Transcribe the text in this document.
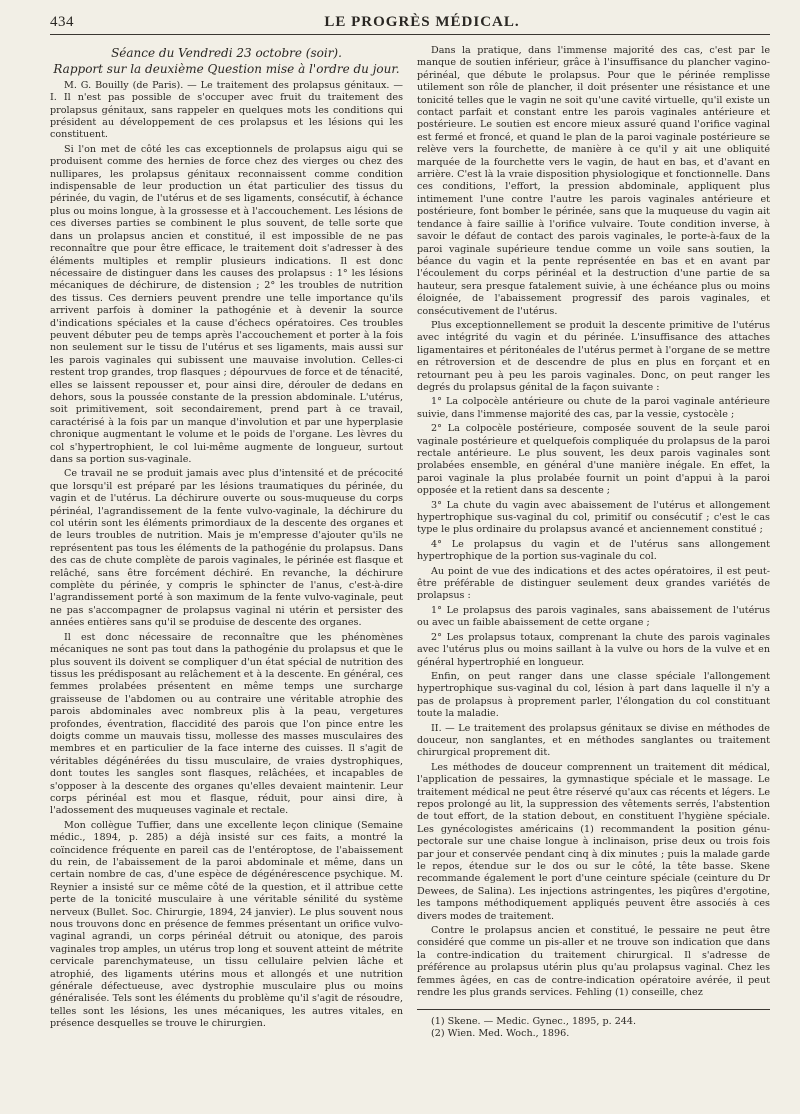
434	LE PROGRÈS MÉDICAL.
Séance du Vendredi 23 octobre (soir).
Rapport sur la deuxième Question mise à l'ordre du jour.

M. G. Bouilly (de Paris). — Le traitement des prolapsus génitaux. — I. Il n'est pas possible de s'occuper avec fruit du traitement des prolapsus génitaux, sans rappeler en quelques mots les conditions qui président au développement de ces prolapsus et les lésions qui les constituent.

Si l'on met de côté les cas exceptionnels de prolapsus aigu qui se produisent comme des hernies de force chez des vierges ou chez des nullipares, les prolapsus génitaux reconnaissent comme condition indispensable de leur production un état particulier des tissus du périnée, du vagin, de l'utérus et de ses ligaments, consécutif, à échance plus ou moins longue, à la grossesse et à l'accouchement. Les lésions de ces diverses parties se combinent le plus souvent, de telle sorte que dans un prolapsus ancien et constitué, il est impossible de ne pas reconnaître que pour être efficace, le traitement doit s'adresser à des éléments multiples et remplir plusieurs indications. Il est donc nécessaire de distinguer dans les causes des prolapsus : 1° les lésions mécaniques de déchirure, de distension ; 2° les troubles de nutrition des tissus. Ces derniers peuvent prendre une telle importance qu'ils arrivent parfois à dominer la pathogénie et à devenir la source d'indications spéciales et la cause d'échecs opératoires. Ces troubles peuvent débuter peu de temps après l'accouchement et porter à la fois non seulement sur le tissu de l'utérus et ses ligaments, mais aussi sur les parois vaginales qui subissent une mauvaise involution. Celles-ci restent trop grandes, trop flasques ; dépourvues de force et de ténacité, elles se laissent repousser et, pour ainsi dire, dérouler de dedans en dehors, sous la poussée constante de la pression abdominale. L'utérus, soit primitivement, soit secondairement, prend part à ce travail, caractérisé à la fois par un manque d'involution et par une hyperplasie chronique augmentant le volume et le poids de l'organe. Les lèvres du col s'hypertrophient, le col lui-même augmente de longueur, surtout dans sa portion sus-vaginale.

Ce travail ne se produit jamais avec plus d'intensité et de précocité que lorsqu'il est préparé par les lésions traumatiques du périnée, du vagin et de l'utérus. La déchirure ouverte ou sous-muqueuse du corps périnéal, l'agrandissement de la fente vulvo-vaginale, la déchirure du col utérin sont les éléments primordiaux de la descente des organes et de leurs troubles de nutrition. Mais je m'empresse d'ajouter qu'ils ne représentent pas tous les éléments de la pathogénie du prolapsus. Dans des cas de chute complète de parois vaginales, le périnée est flasque et relâché, sans être forcément déchiré. En revanche, la déchirure complète du périnée, y compris le sphincter de l'anus, c'est-à-dire l'agrandissement porté à son maximum de la fente vulvo-vaginale, peut ne pas s'accompagner de prolapsus vaginal ni utérin et persister des années entières sans qu'il se produise de descente des organes.

Il est donc nécessaire de reconnaître que les phénomènes mécaniques ne sont pas tout dans la pathogénie du prolapsus et que le plus souvent ils doivent se compliquer d'un état spécial de nutrition des tissus les prédisposant au relâchement et à la descente. En général, ces femmes prolabées présentent en même temps une surcharge graisseuse de l'abdomen ou au contraire une véritable atrophie des parois abdominales avec nombreux plis à la peau, vergetures profondes, éventration, flaccidité des parois que l'on pince entre les doigts comme un mauvais tissu, mollesse des masses musculaires des membres et en particulier de la face interne des cuisses. Il s'agit de véritables dégénérées du tissu musculaire, de vraies dystrophiques, dont toutes les sangles sont flasques, relâchées, et incapables de s'opposer à la descente des organes qu'elles devaient maintenir. Leur corps périnéal est mou et flasque, réduit, pour ainsi dire, à l'adossement des muqueuses vaginale et rectale.

Mon collègue Tuffier, dans une excellente leçon clinique (Semaine médic., 1894, p. 285) a déjà insisté sur ces faits, a montré la coïncidence fréquente en pareil cas de l'entéroptose, de l'abaissement du rein, de l'abaissement de la paroi abdominale et même, dans un certain nombre de cas, d'une espèce de dégénérescence psychique. M. Reynier a insisté sur ce même côté de la question, et il attribue cette perte de la tonicité musculaire à une véritable sénilité du système nerveux (Bullet. Soc. Chirurgie, 1894, 24 janvier). Le plus souvent nous nous trouvons donc en présence de femmes présentant un orifice vulvo-vaginal agrandi, un corps périnéal détruit ou atonique, des parois vaginales trop amples, un utérus trop long et souvent atteint de métrite cervicale parenchymateuse, un tissu cellulaire pelvien lâche et atrophié, des ligaments utérins mous et allongés et une nutrition générale défectueuse, avec dystrophie musculaire plus ou moins généralisée. Tels sont les éléments du problème qu'il s'agit de résoudre, telles sont les lésions, les unes mécaniques, les autres vitales, en présence desquelles se trouve le chirurgien.

Dans la pratique, dans l'immense majorité des cas, c'est par le manque de soutien inférieur, grâce à l'insuffisance du plancher vagino-périnéal, que débute le prolapsus. Pour que le périnée remplisse utilement son rôle de plancher, il doit présenter une résistance et une tonicité telles que le vagin ne soit qu'une cavité virtuelle, qu'il existe un contact parfait et constant entre les parois vaginales antérieure et postérieure. Le soutien est encore mieux assuré quand l'orifice vaginal est fermé et froncé, et quand le plan de la paroi vaginale postérieure se relève vers la fourchette, de manière à ce qu'il y ait une obliquité marquée de la fourchette vers le vagin, de haut en bas, et d'avant en arrière. C'est là la vraie disposition physiologique et fonctionnelle. Dans ces conditions, l'effort, la pression abdominale, appliquent plus intimement l'une contre l'autre les parois vaginales antérieure et postérieure, font bomber le périnée, sans que la muqueuse du vagin ait tendance à faire saillie à l'orifice vulvaire. Toute condition inverse, à savoir le défaut de contact des parois vaginales, le porte-à-faux de la paroi vaginale supérieure tendue comme un voile sans soutien, la béance du vagin et la pente représentée en bas et en avant par l'écoulement du corps périnéal et la destruction d'une partie de sa hauteur, sera presque fatalement suivie, à une échéance plus ou moins éloignée, de l'abaissement progressif des parois vaginales, et consécutivement de l'utérus.

Plus exceptionnellement se produit la descente primitive de l'utérus avec intégrité du vagin et du périnée. L'insuffisance des attaches ligamentaires et péritonéales de l'utérus permet à l'organe de se mettre en rétroversion et de descendre de plus en plus en forçant et en retournant peu à peu les parois vaginales. Donc, on peut ranger les degrés du prolapsus génital de la façon suivante :

1° La colpocèle antérieure ou chute de la paroi vaginale antérieure suivie, dans l'immense majorité des cas, par la vessie, cystocèle ;

2° La colpocèle postérieure, composée souvent de la seule paroi vaginale postérieure et quelquefois compliquée du prolapsus de la paroi rectale antérieure. Le plus souvent, les deux parois vaginales sont prolabées ensemble, en général d'une manière inégale. En effet, la paroi vaginale la plus prolabée fournit un point d'appui à la paroi opposée et la retient dans sa descente ;

3° La chute du vagin avec abaissement de l'utérus et allongement hypertrophique sus-vaginal du col, primitif ou consécutif ; c'est le cas type le plus ordinaire du prolapsus avancé et anciennement constitué ;

4° Le prolapsus du vagin et de l'utérus sans allongement hypertrophique de la portion sus-vaginale du col.

Au point de vue des indications et des actes opératoires, il est peut-être préférable de distinguer seulement deux grandes variétés de prolapsus :

1° Le prolapsus des parois vaginales, sans abaissement de l'utérus ou avec un faible abaissement de cette organe ;

2° Les prolapsus totaux, comprenant la chute des parois vaginales avec l'utérus plus ou moins saillant à la vulve ou hors de la vulve et en général hypertrophié en longueur.

Enfin, on peut ranger dans une classe spéciale l'allongement hypertrophique sus-vaginal du col, lésion à part dans laquelle il n'y a pas de prolapsus à proprement parler, l'élongation du col constituant toute la maladie.

II. — Le traitement des prolapsus génitaux se divise en méthodes de douceur, non sanglantes, et en méthodes sanglantes ou traitement chirurgical proprement dit.

Les méthodes de douceur comprennent un traitement dit médical, l'application de pessaires, la gymnastique spéciale et le massage. Le traitement médical ne peut être réservé qu'aux cas récents et légers. Le repos prolongé au lit, la suppression des vêtements serrés, l'abstention de tout effort, de la station debout, en constituent l'hygiène spéciale. Les gynécologistes américains (1) recommandent la position génu-pectorale sur une chaise longue à inclinaison, prise deux ou trois fois par jour et conservée pendant cinq à dix minutes ; puis la malade garde le repos, étendue sur le dos ou sur le côté, la tête basse. Skene recommande également le port d'une ceinture spéciale (ceinture du Dr Dewees, de Salina). Les injections astringentes, les piqûres d'ergotine, les tampons méthodiquement appliqués peuvent être associés à ces divers modes de traitement.

Contre le prolapsus ancien et constitué, le pessaire ne peut être considéré que comme un pis-aller et ne trouve son indication que dans la contre-indication du traitement chirurgical. Il s'adresse de préférence au prolapsus utérin plus qu'au prolapsus vaginal. Chez les femmes âgées, en cas de contre-indication opératoire avérée, il peut rendre les plus grands services. Fehling (1) conseille, chez

(1) Skene. — Medic. Gynec., 1895, p. 244.
(2) Wien. Med. Woch., 1896.
